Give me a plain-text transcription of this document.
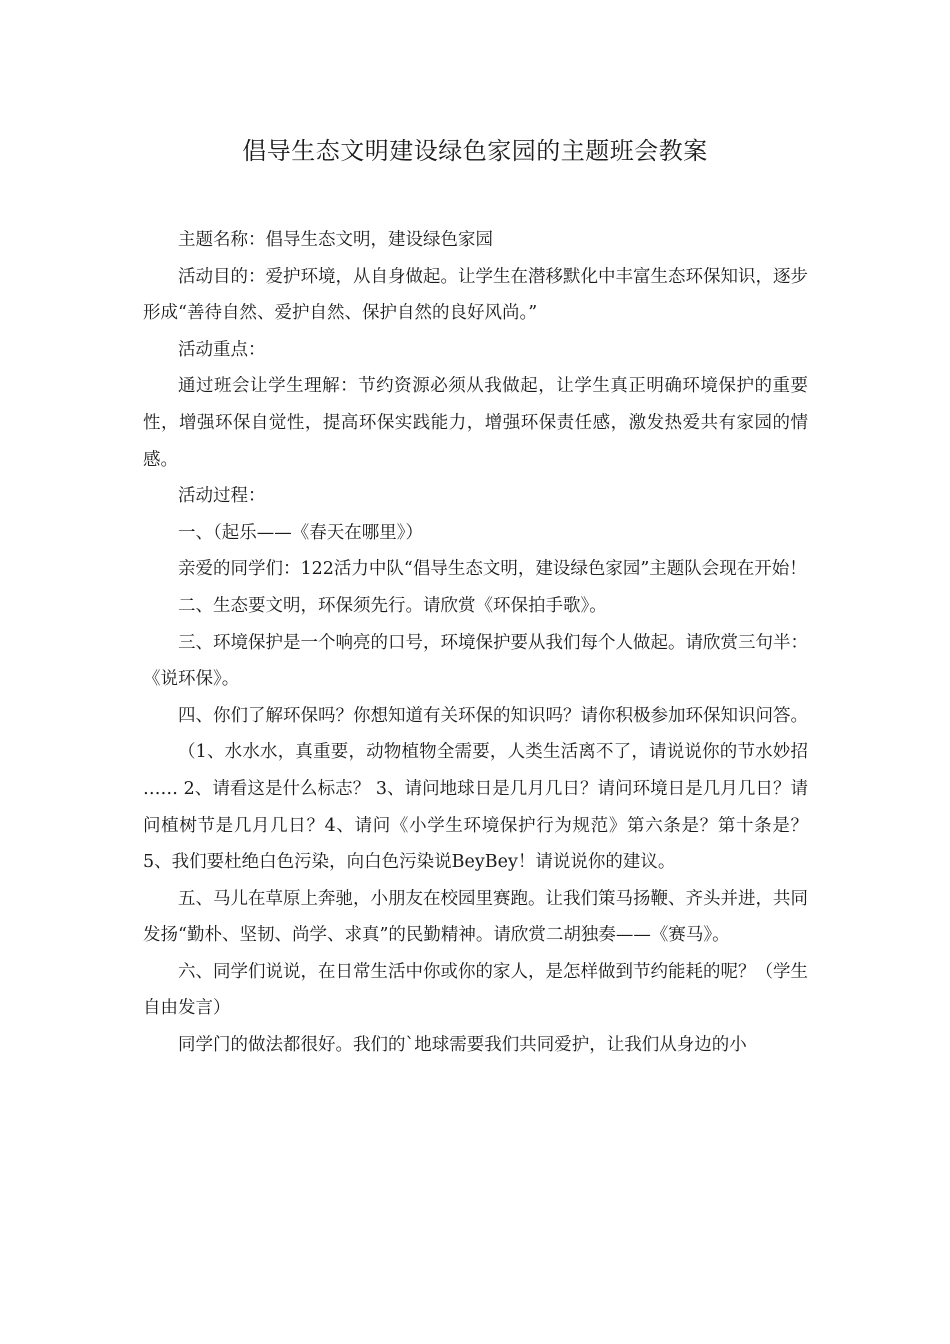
倡导生态文明建设绿色家园的主题班会教案

主题名称：倡导生态文明，建设绿色家园

活动目的：爱护环境，从自身做起。让学生在潜移默化中丰富生态环保知识，逐步形成“善待自然、爱护自然、保护自然的良好风尚。”

活动重点：

通过班会让学生理解：节约资源必须从我做起，让学生真正明确环境保护的重要性，增强环保自觉性，提高环保实践能力，增强环保责任感，激发热爱共有家园的情感。

活动过程：

一、（起乐——《春天在哪里》）

亲爱的同学们：122活力中队“倡导生态文明，建设绿色家园”主题队会现在开始！

二、生态要文明，环保须先行。请欣赏《环保拍手歌》。

三、环境保护是一个响亮的口号，环境保护要从我们每个人做起。请欣赏三句半：《说环保》。

四、你们了解环保吗？你想知道有关环保的知识吗？请你积极参加环保知识问答。

（1、水水水，真重要，动物植物全需要，人类生活离不了，请说说你的节水妙招 …… 2、请看这是什么标志？ 3、请问地球日是几月几日？请问环境日是几月几日？请问植树节是几月几日？4、请问《小学生环境保护行为规范》第六条是？第十条是？ 5、我们要杜绝白色污染，向白色污染说BeyBey！请说说你的建议。

五、马儿在草原上奔驰，小朋友在校园里赛跑。让我们策马扬鞭、齐头并进，共同发扬“勤朴、坚韧、尚学、求真”的民勤精神。请欣赏二胡独奏——《赛马》。

六、同学们说说，在日常生活中你或你的家人，是怎样做到节约能耗的呢？（学生自由发言）

同学门的做法都很好。我们的`地球需要我们共同爱护，让我们从身边的小
